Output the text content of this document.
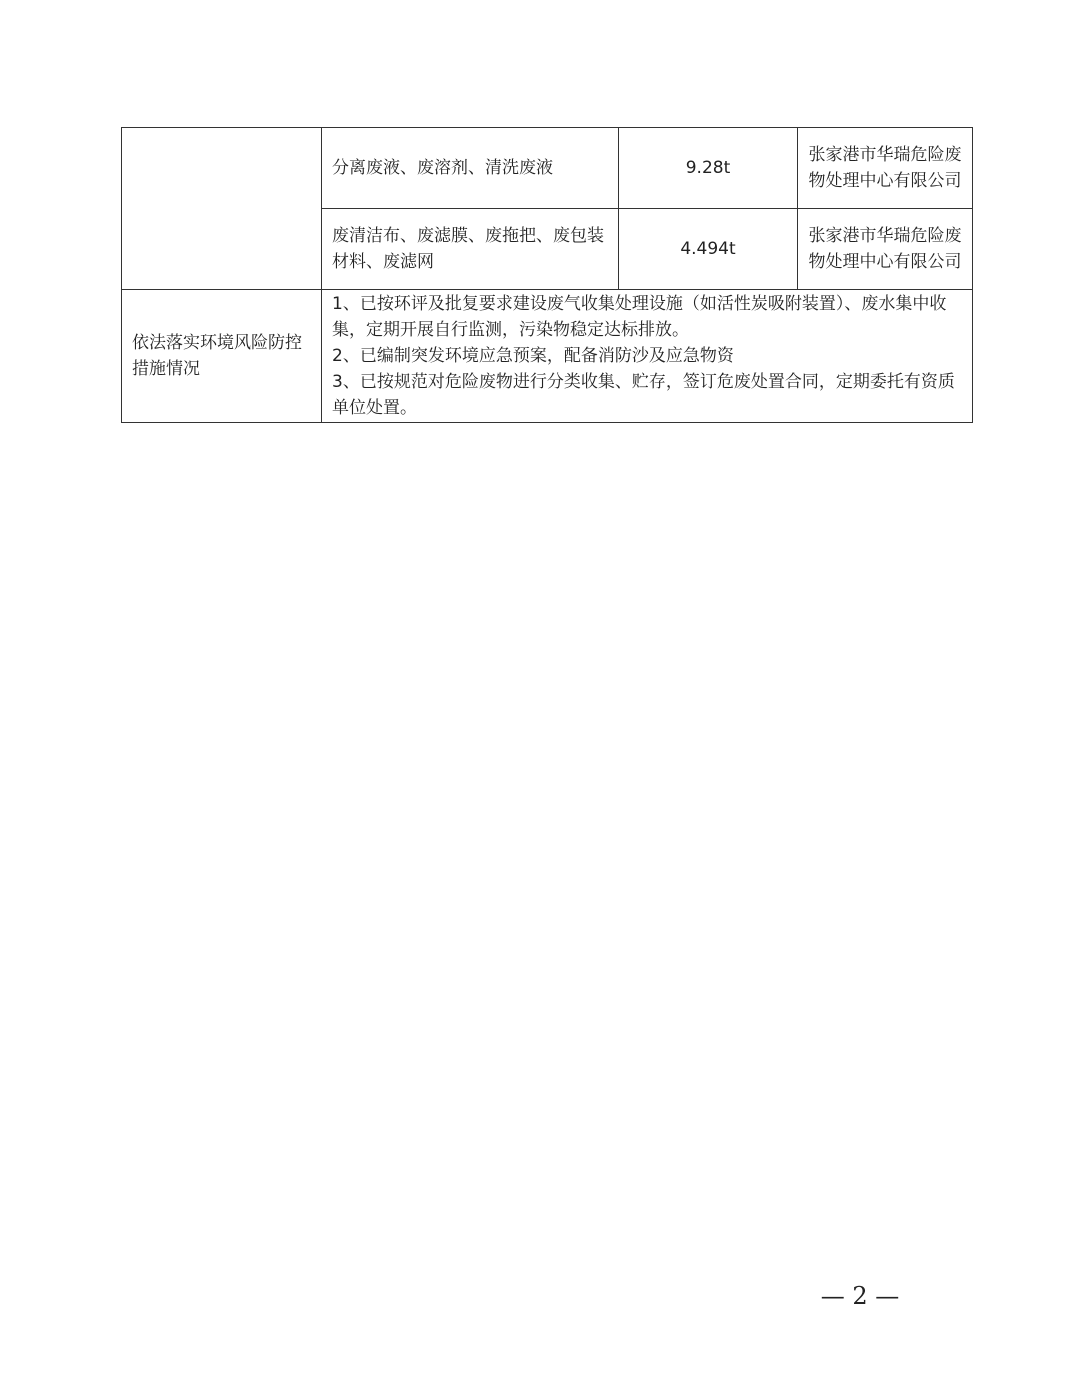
	分离废液、废溶剂、清洗废液	9.28t	张家港市华瑞危险废物处理中心有限公司
	废清洁布、废滤膜、废拖把、废包装材料、废滤网	4.494t	张家港市华瑞危险废物处理中心有限公司
依法落实环境风险防控措施情况	1、已按环评及批复要求建设废气收集处理设施（如活性炭吸附装置）、废水集中收集，定期开展自行监测，污染物稳定达标排放。
2、已编制突发环境应急预案，配备消防沙及应急物资
3、已按规范对危险废物进行分类收集、贮存，签订危废处置合同，定期委托有资质单位处置。		
— 2 —
